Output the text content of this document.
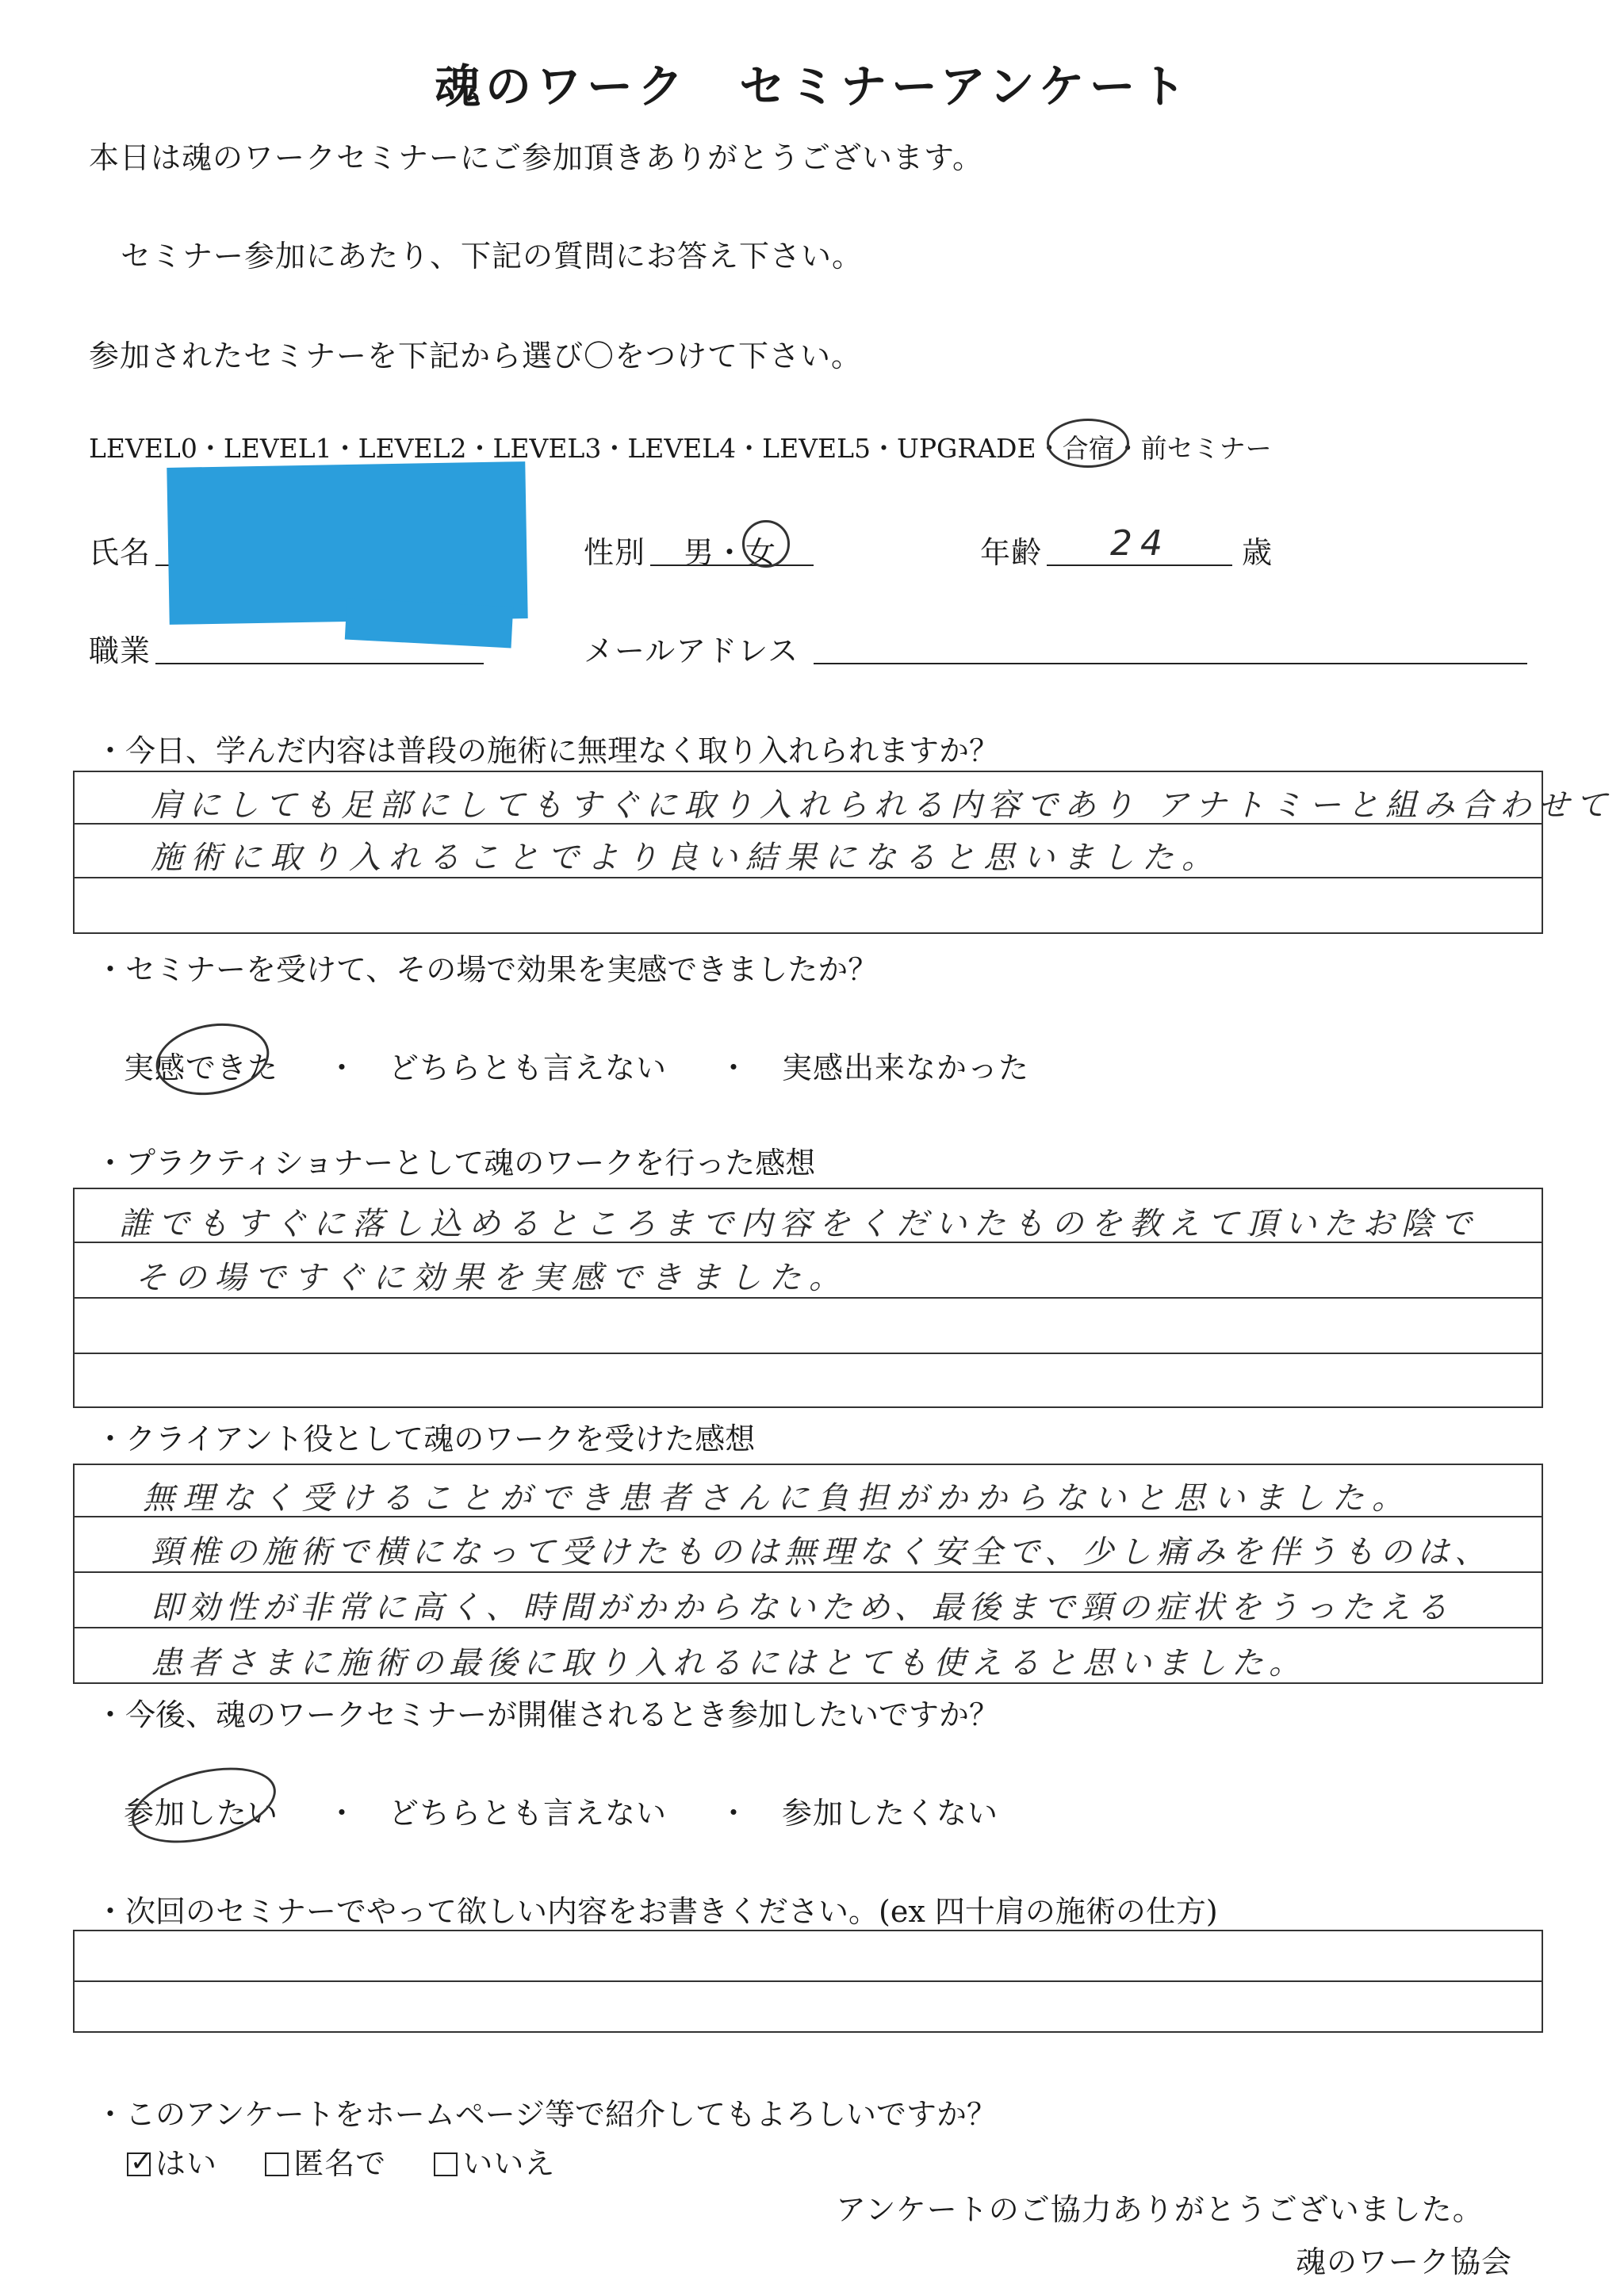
魂のワーク　セミナーアンケート
本日は魂のワークセミナーにご参加頂きありがとうございます。
セミナー参加にあたり、下記の質問にお答え下さい。
参加されたセミナーを下記から選び〇をつけて下さい。
LEVEL0・LEVEL1・LEVEL2・LEVEL3・LEVEL4・LEVEL5・UPGRADE・合宿・前セミナー
氏名	性別 男・女	年齢 24 歳
職業	メールアドレス
・今日、学んだ内容は普段の施術に無理なく取り入れられますか？
肩にしても足部にしてもすぐに取り入れられる内容であり アナトミーと組み合わせて
施術に取り入れることでより良い結果になると思いました。
・セミナーを受けて、その場で効果を実感できましたか？
実感できた ・ どちらとも言えない ・ 実感出来なかった
・プラクティショナーとして魂のワークを行った感想
誰でもすぐに落し込めるところまで内容をくだいたものを教えて頂いたお陰で
その場ですぐに効果を実感できました。
・クライアント役として魂のワークを受けた感想
無理なく受けることができ患者さんに負担がかからないと思いました。
頸椎の施術で横になって受けたものは無理なく安全で、少し痛みを伴うものは、
即効性が非常に高く、時間がかからないため、最後まで頸の症状をうったえる
患者さまに施術の最後に取り入れるにはとても使えると思いました。
・今後、魂のワークセミナーが開催されるとき参加したいですか？
参加したい ・ どちらとも言えない ・ 参加したくない
・次回のセミナーでやって欲しい内容をお書きください。(ex 四十肩の施術の仕方)
・このアンケートをホームページ等で紹介してもよろしいですか？
✓はい	匿名で	いいえ
アンケートのご協力ありがとうございました。
魂のワーク協会
